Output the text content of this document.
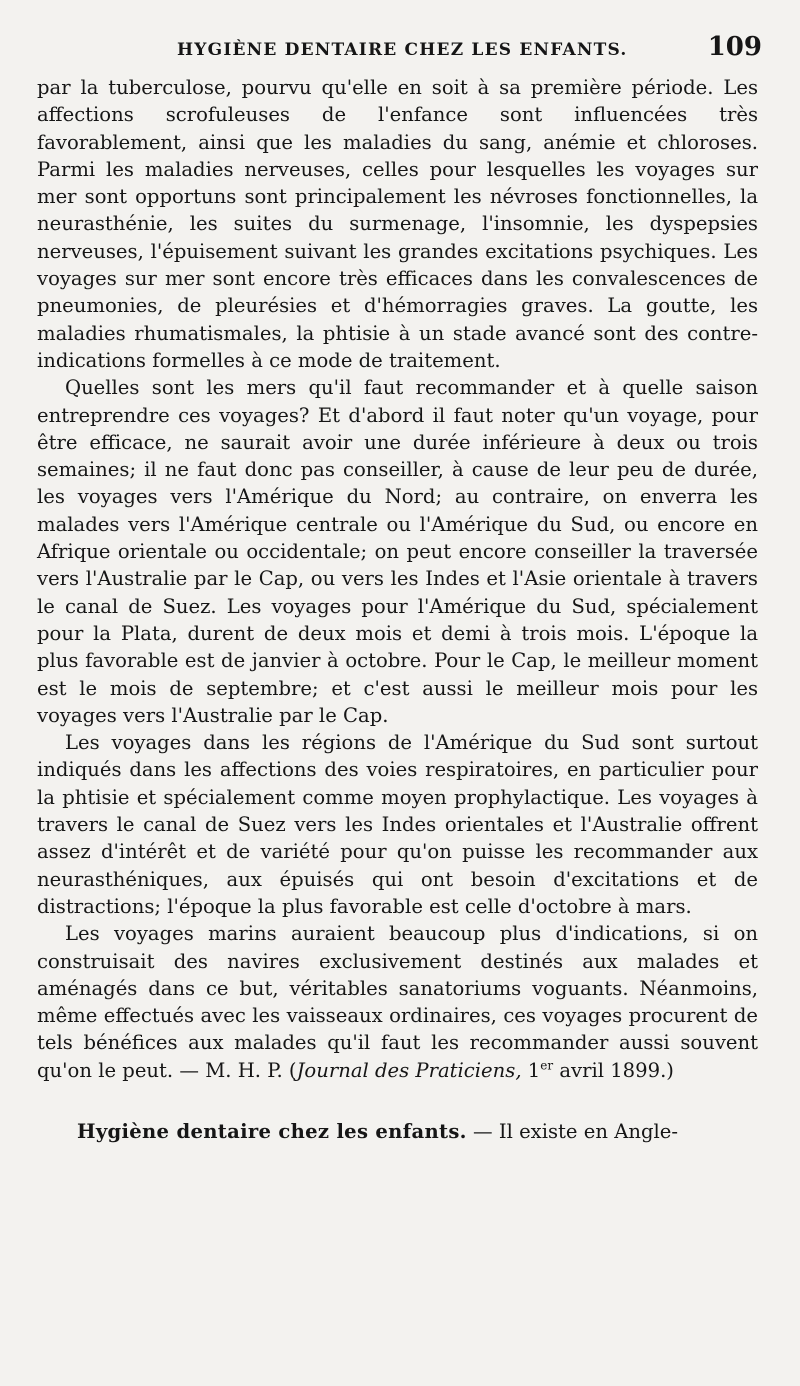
HYGIÈNE DENTAIRE CHEZ LES ENFANTS.	109

par la tuberculose, pourvu qu'elle en soit à sa première période. Les affections scrofuleuses de l'enfance sont influencées très favorablement, ainsi que les maladies du sang, anémie et chloroses. Parmi les maladies nerveuses, celles pour lesquelles les voyages sur mer sont opportuns sont principalement les névroses fonctionnelles, la neurasthénie, les suites du surmenage, l'insomnie, les dyspepsies nerveuses, l'épuisement suivant les grandes excitations psychiques. Les voyages sur mer sont encore très efficaces dans les convalescences de pneumonies, de pleurésies et d'hémorragies graves. La goutte, les maladies rhumatismales, la phtisie à un stade avancé sont des contre-indications formelles à ce mode de traitement.

Quelles sont les mers qu'il faut recommander et à quelle saison entreprendre ces voyages? Et d'abord il faut noter qu'un voyage, pour être efficace, ne saurait avoir une durée inférieure à deux ou trois semaines; il ne faut donc pas conseiller, à cause de leur peu de durée, les voyages vers l'Amérique du Nord; au contraire, on enverra les malades vers l'Amérique centrale ou l'Amérique du Sud, ou encore en Afrique orientale ou occidentale; on peut encore conseiller la traversée vers l'Australie par le Cap, ou vers les Indes et l'Asie orientale à travers le canal de Suez. Les voyages pour l'Amérique du Sud, spécialement pour la Plata, durent de deux mois et demi à trois mois. L'époque la plus favorable est de janvier à octobre. Pour le Cap, le meilleur moment est le mois de septembre; et c'est aussi le meilleur mois pour les voyages vers l'Australie par le Cap.

Les voyages dans les régions de l'Amérique du Sud sont surtout indiqués dans les affections des voies respiratoires, en particulier pour la phtisie et spécialement comme moyen prophylactique. Les voyages à travers le canal de Suez vers les Indes orientales et l'Australie offrent assez d'intérêt et de variété pour qu'on puisse les recommander aux neurasthéniques, aux épuisés qui ont besoin d'excitations et de distractions; l'époque la plus favorable est celle d'octobre à mars.

Les voyages marins auraient beaucoup plus d'indications, si on construisait des navires exclusivement destinés aux malades et aménagés dans ce but, véritables sanatoriums voguants. Néanmoins, même effectués avec les vaisseaux ordinaires, ces voyages procurent de tels bénéfices aux malades qu'il faut les recommander aussi souvent qu'on le peut. — M. H. P. (Journal des Praticiens, 1er avril 1899.)

Hygiène dentaire chez les enfants. — Il existe en Angle-
